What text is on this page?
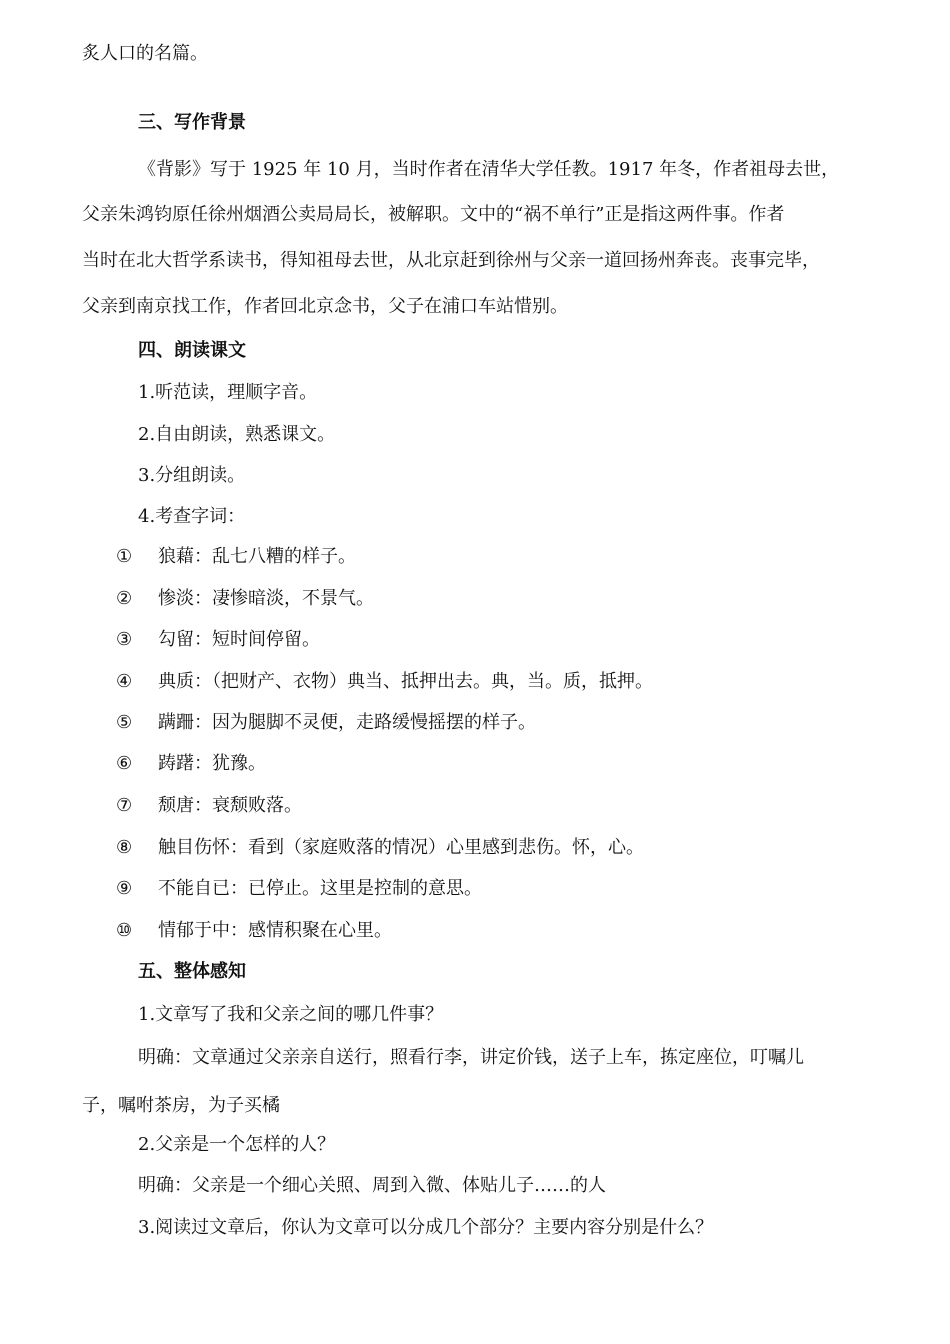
炙人口的名篇。
三、写作背景
《背影》写于 1925 年 10 月，当时作者在清华大学任教。1917 年冬，作者祖母去世，
父亲朱鸿钧原任徐州烟酒公卖局局长，被解职。文中的“祸不单行”正是指这两件事。作者
当时在北大哲学系读书，得知祖母去世，从北京赶到徐州与父亲一道回扬州奔丧。丧事完毕，
父亲到南京找工作，作者回北京念书，父子在浦口车站惜别。
四、朗读课文
1.听范读，理顺字音。
2.自由朗读，熟悉课文。
3.分组朗读。
4.考查字词：
① 狼藉：乱七八糟的样子。
② 惨淡：凄惨暗淡，不景气。
③ 勾留：短时间停留。
④ 典质：（把财产、衣物）典当、抵押出去。典，当。质，抵押。
⑤ 蹒跚：因为腿脚不灵便，走路缓慢摇摆的样子。
⑥ 踌躇：犹豫。
⑦ 颓唐：衰颓败落。
⑧ 触目伤怀：看到（家庭败落的情况）心里感到悲伤。怀，心。
⑨ 不能自已：已停止。这里是控制的意思。
⑩ 情郁于中：感情积聚在心里。
五、整体感知
1.文章写了我和父亲之间的哪几件事？
明确：文章通过父亲亲自送行，照看行李，讲定价钱，送子上车，拣定座位，叮嘱儿
子，嘱咐茶房，为子买橘
2.父亲是一个怎样的人？
明确：父亲是一个细心关照、周到入微、体贴儿子……的人
3.阅读过文章后，你认为文章可以分成几个部分？主要内容分别是什么？
